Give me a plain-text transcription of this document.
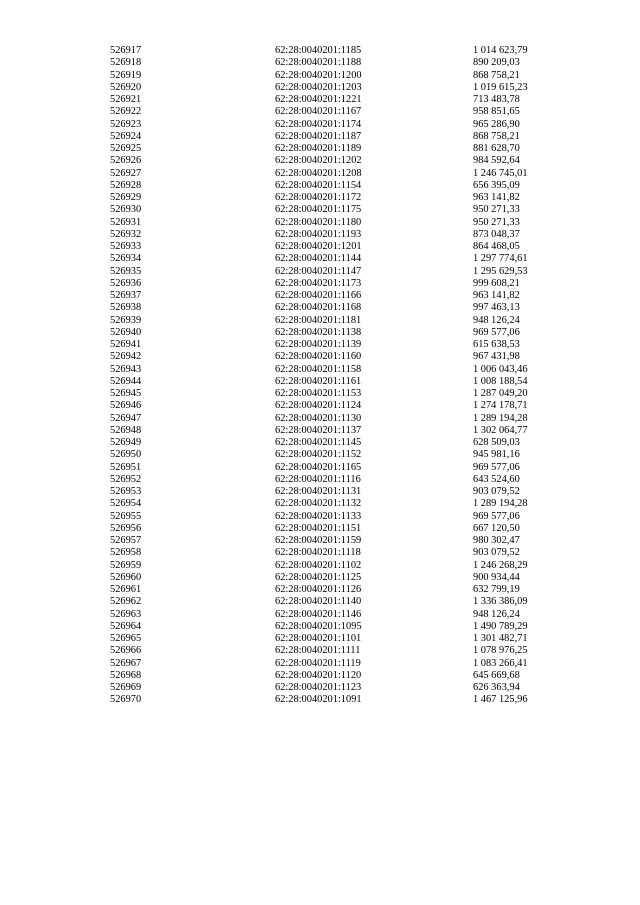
526917	62:28:0040201:1185	1 014 623,79
526918	62:28:0040201:1188	890 209,03
526919	62:28:0040201:1200	868 758,21
526920	62:28:0040201:1203	1 019 615,23
526921	62:28:0040201:1221	713 483,78
526922	62:28:0040201:1167	958 851,65
526923	62:28:0040201:1174	965 286,90
526924	62:28:0040201:1187	868 758,21
526925	62:28:0040201:1189	881 628,70
526926	62:28:0040201:1202	984 592,64
526927	62:28:0040201:1208	1 246 745,01
526928	62:28:0040201:1154	656 395,09
526929	62:28:0040201:1172	963 141,82
526930	62:28:0040201:1175	950 271,33
526931	62:28:0040201:1180	950 271,33
526932	62:28:0040201:1193	873 048,37
526933	62:28:0040201:1201	864 468,05
526934	62:28:0040201:1144	1 297 774,61
526935	62:28:0040201:1147	1 295 629,53
526936	62:28:0040201:1173	999 608,21
526937	62:28:0040201:1166	963 141,82
526938	62:28:0040201:1168	997 463,13
526939	62:28:0040201:1181	948 126,24
526940	62:28:0040201:1138	969 577,06
526941	62:28:0040201:1139	615 638,53
526942	62:28:0040201:1160	967 431,98
526943	62:28:0040201:1158	1 006 043,46
526944	62:28:0040201:1161	1 008 188,54
526945	62:28:0040201:1153	1 287 049,20
526946	62:28:0040201:1124	1 274 178,71
526947	62:28:0040201:1130	1 289 194,28
526948	62:28:0040201:1137	1 302 064,77
526949	62:28:0040201:1145	628 509,03
526950	62:28:0040201:1152	945 981,16
526951	62:28:0040201:1165	969 577,06
526952	62:28:0040201:1116	643 524,60
526953	62:28:0040201:1131	903 079,52
526954	62:28:0040201:1132	1 289 194,28
526955	62:28:0040201:1133	969 577,06
526956	62:28:0040201:1151	667 120,50
526957	62:28:0040201:1159	980 302,47
526958	62:28:0040201:1118	903 079,52
526959	62:28:0040201:1102	1 246 268,29
526960	62:28:0040201:1125	900 934,44
526961	62:28:0040201:1126	632 799,19
526962	62:28:0040201:1140	1 336 386,09
526963	62:28:0040201:1146	948 126,24
526964	62:28:0040201:1095	1 490 789,29
526965	62:28:0040201:1101	1 301 482,71
526966	62:28:0040201:1111	1 078 976,25
526967	62:28:0040201:1119	1 083 266,41
526968	62:28:0040201:1120	645 669,68
526969	62:28:0040201:1123	626 363,94
526970	62:28:0040201:1091	1 467 125,96
